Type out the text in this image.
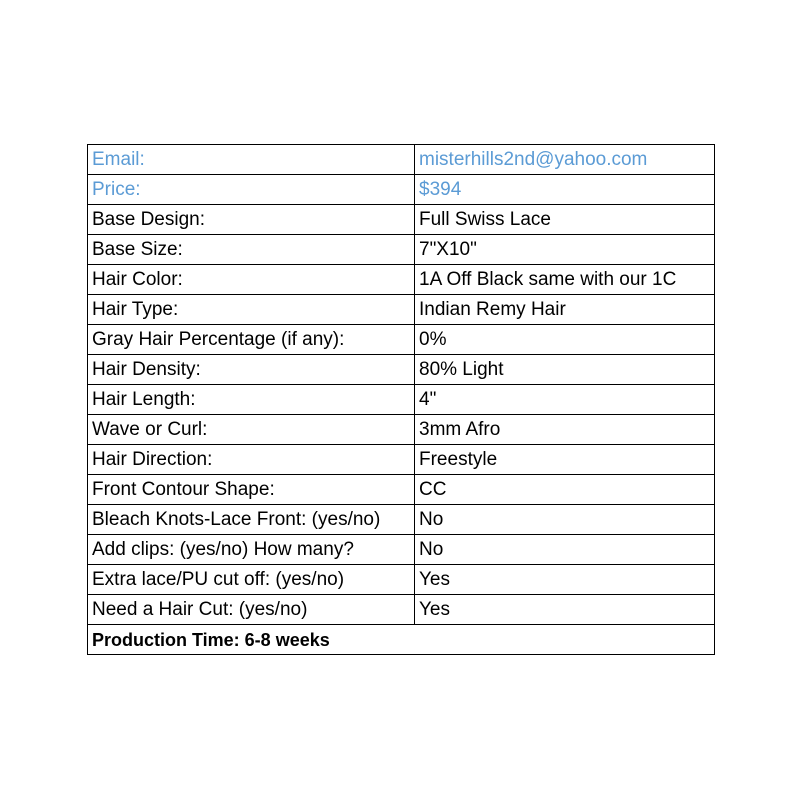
Email:	misterhills2nd@yahoo.com
Price:	$394
Base Design:	Full Swiss Lace
Base Size:	7"X10"
Hair Color:	1A Off Black same with our 1C
Hair Type:	Indian Remy Hair
Gray Hair Percentage (if any):	0%
Hair Density:	80% Light
Hair Length:	4"
Wave or Curl:	3mm Afro
Hair Direction:	Freestyle
Front Contour Shape:	CC
Bleach Knots-Lace Front: (yes/no)	No
Add clips: (yes/no) How many?	No
Extra lace/PU cut off: (yes/no)	Yes
Need a Hair Cut: (yes/no)	Yes
Production Time: 6-8 weeks	
